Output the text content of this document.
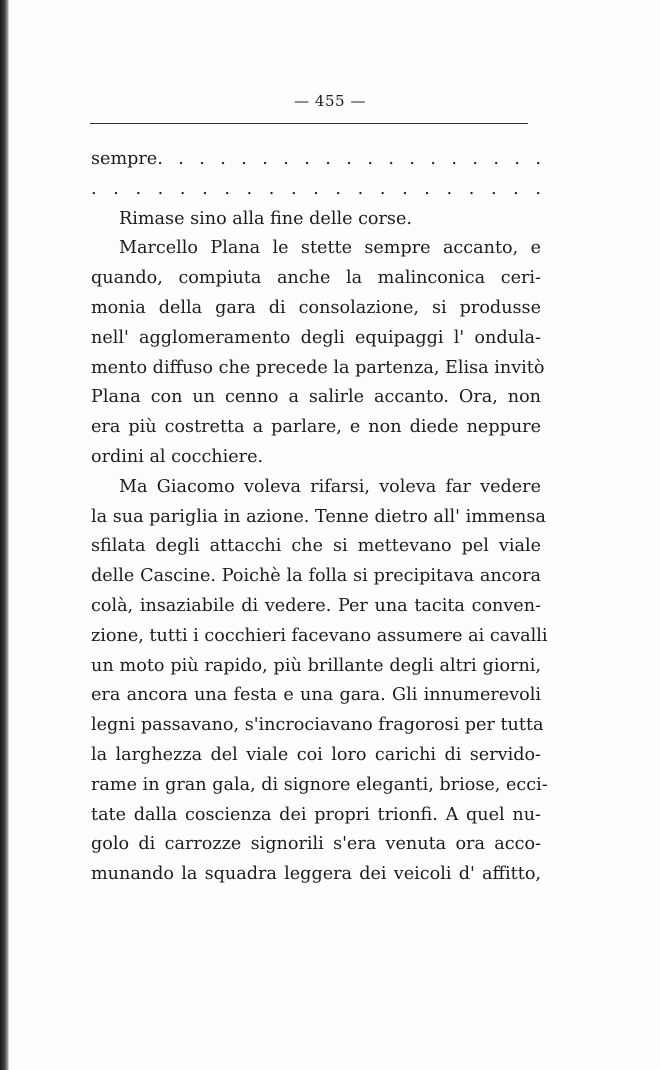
— 455 —
sempre. . . . . . . . . . . . . . . . . . .
. . . . . . . . . . . . . . . . . . . . .
Rimase sino alla fine delle corse.
Marcello Plana le stette sempre accanto, e
quando, compiuta anche la malinconica ceri-
monia della gara di consolazione, si produsse
nell' agglomeramento degli equipaggi l' ondula-
mento diffuso che precede la partenza, Elisa invitò
Plana con un cenno a salirle accanto. Ora, non
era più costretta a parlare, e non diede neppure
ordini al cocchiere.
Ma Giacomo voleva rifarsi, voleva far vedere
la sua pariglia in azione. Tenne dietro all' immensa
sfilata degli attacchi che si mettevano pel viale
delle Cascine. Poichè la folla si precipitava ancora
colà, insaziabile di vedere. Per una tacita conven-
zione, tutti i cocchieri facevano assumere ai cavalli
un moto più rapido, più brillante degli altri giorni,
era ancora una festa e una gara. Gli innumerevoli
legni passavano, s'incrociavano fragorosi per tutta
la larghezza del viale coi loro carichi di servido-
rame in gran gala, di signore eleganti, briose, ecci-
tate dalla coscienza dei propri trionfi. A quel nu-
golo di carrozze signorili s'era venuta ora acco-
munando la squadra leggera dei veicoli d' affitto,
